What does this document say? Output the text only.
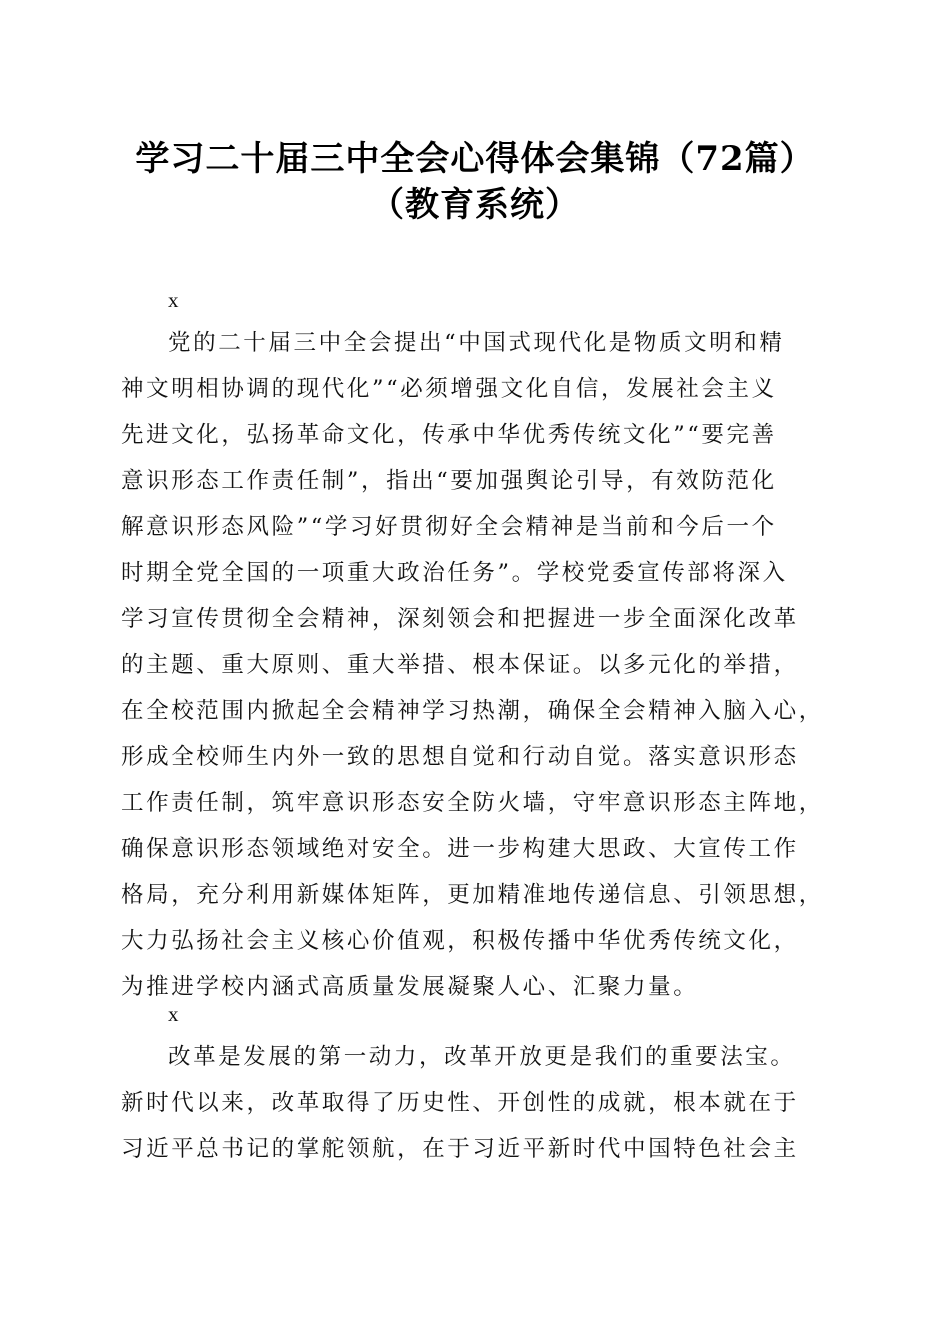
学习二十届三中全会心得体会集锦（72篇）
（教育系统）
x
党的二十届三中全会提出“中国式现代化是物质文明和精
神文明相协调的现代化”“必须增强文化自信，发展社会主义
先进文化，弘扬革命文化，传承中华优秀传统文化”“要完善
意识形态工作责任制”，指出“要加强舆论引导，有效防范化
解意识形态风险”“学习好贯彻好全会精神是当前和今后一个
时期全党全国的一项重大政治任务”。学校党委宣传部将深入
学习宣传贯彻全会精神，深刻领会和把握进一步全面深化改革
的主题、重大原则、重大举措、根本保证。以多元化的举措，
在全校范围内掀起全会精神学习热潮，确保全会精神入脑入心，
形成全校师生内外一致的思想自觉和行动自觉。落实意识形态
工作责任制，筑牢意识形态安全防火墙，守牢意识形态主阵地，
确保意识形态领域绝对安全。进一步构建大思政、大宣传工作
格局，充分利用新媒体矩阵，更加精准地传递信息、引领思想，
大力弘扬社会主义核心价值观，积极传播中华优秀传统文化，
为推进学校内涵式高质量发展凝聚人心、汇聚力量。
x
改革是发展的第一动力，改革开放更是我们的重要法宝。
新时代以来，改革取得了历史性、开创性的成就，根本就在于
习近平总书记的掌舵领航，在于习近平新时代中国特色社会主
